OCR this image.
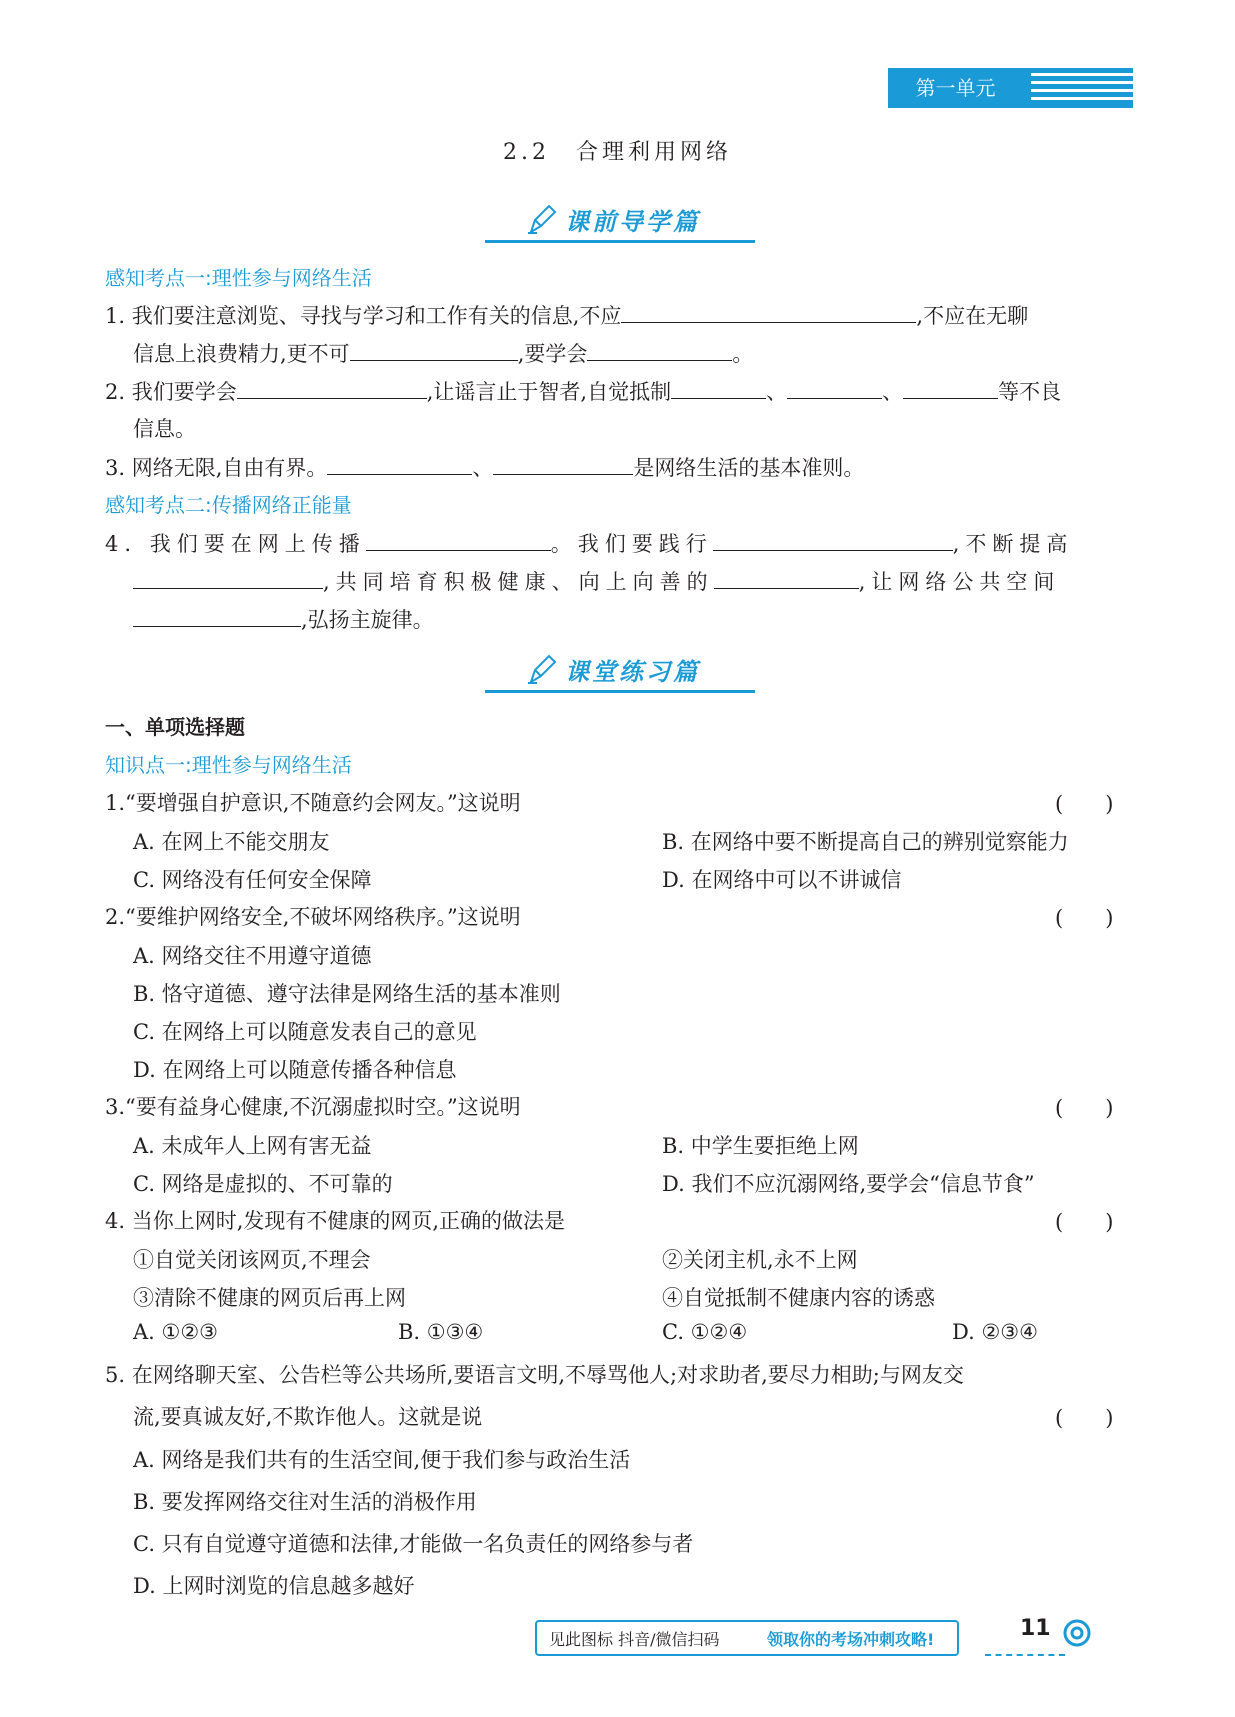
第一单元
2.2　合理利用网络
课前导学篇
感知考点一:理性参与网络生活
1. 我们要注意浏览、寻找与学习和工作有关的信息,不应	,不应在无聊
信息上浪费精力,更不可	,要学会	。
2. 我们要学会	,让谣言止于智者,自觉抵制	、	、	等不良
信息。
3. 网络无限,自由有界。	、	是网络生活的基本准则。
感知考点二:传播网络正能量
4. 我们要在网上传播	。我们要践行	,不断提高
,共同培育积极健康、向上向善的	,让网络公共空间
,弘扬主旋律。
课堂练习篇
一、单项选择题
知识点一:理性参与网络生活
1.“要增强自护意识,不随意约会网友。”这说明	(　　)
A. 在网上不能交朋友	B. 在网络中要不断提高自己的辨别觉察能力
C. 网络没有任何安全保障	D. 在网络中可以不讲诚信
2.“要维护网络安全,不破坏网络秩序。”这说明	(　　)
A. 网络交往不用遵守道德
B. 恪守道德、遵守法律是网络生活的基本准则
C. 在网络上可以随意发表自己的意见
D. 在网络上可以随意传播各种信息
3.“要有益身心健康,不沉溺虚拟时空。”这说明	(　　)
A. 未成年人上网有害无益	B. 中学生要拒绝上网
C. 网络是虚拟的、不可靠的	D. 我们不应沉溺网络,要学会“信息节食”
4. 当你上网时,发现有不健康的网页,正确的做法是	(　　)
①自觉关闭该网页,不理会	②关闭主机,永不上网
③清除不健康的网页后再上网	④自觉抵制不健康内容的诱惑
A. ①②③	B. ①③④	C. ①②④	D. ②③④
5. 在网络聊天室、公告栏等公共场所,要语言文明,不辱骂他人;对求助者,要尽力相助;与网友交
流,要真诚友好,不欺诈他人。这就是说	(　　)
A. 网络是我们共有的生活空间,便于我们参与政治生活
B. 要发挥网络交往对生活的消极作用
C. 只有自觉遵守道德和法律,才能做一名负责任的网络参与者
D. 上网时浏览的信息越多越好
见此图标 抖音/微信扫码	领取你的考场冲刺攻略!	11
